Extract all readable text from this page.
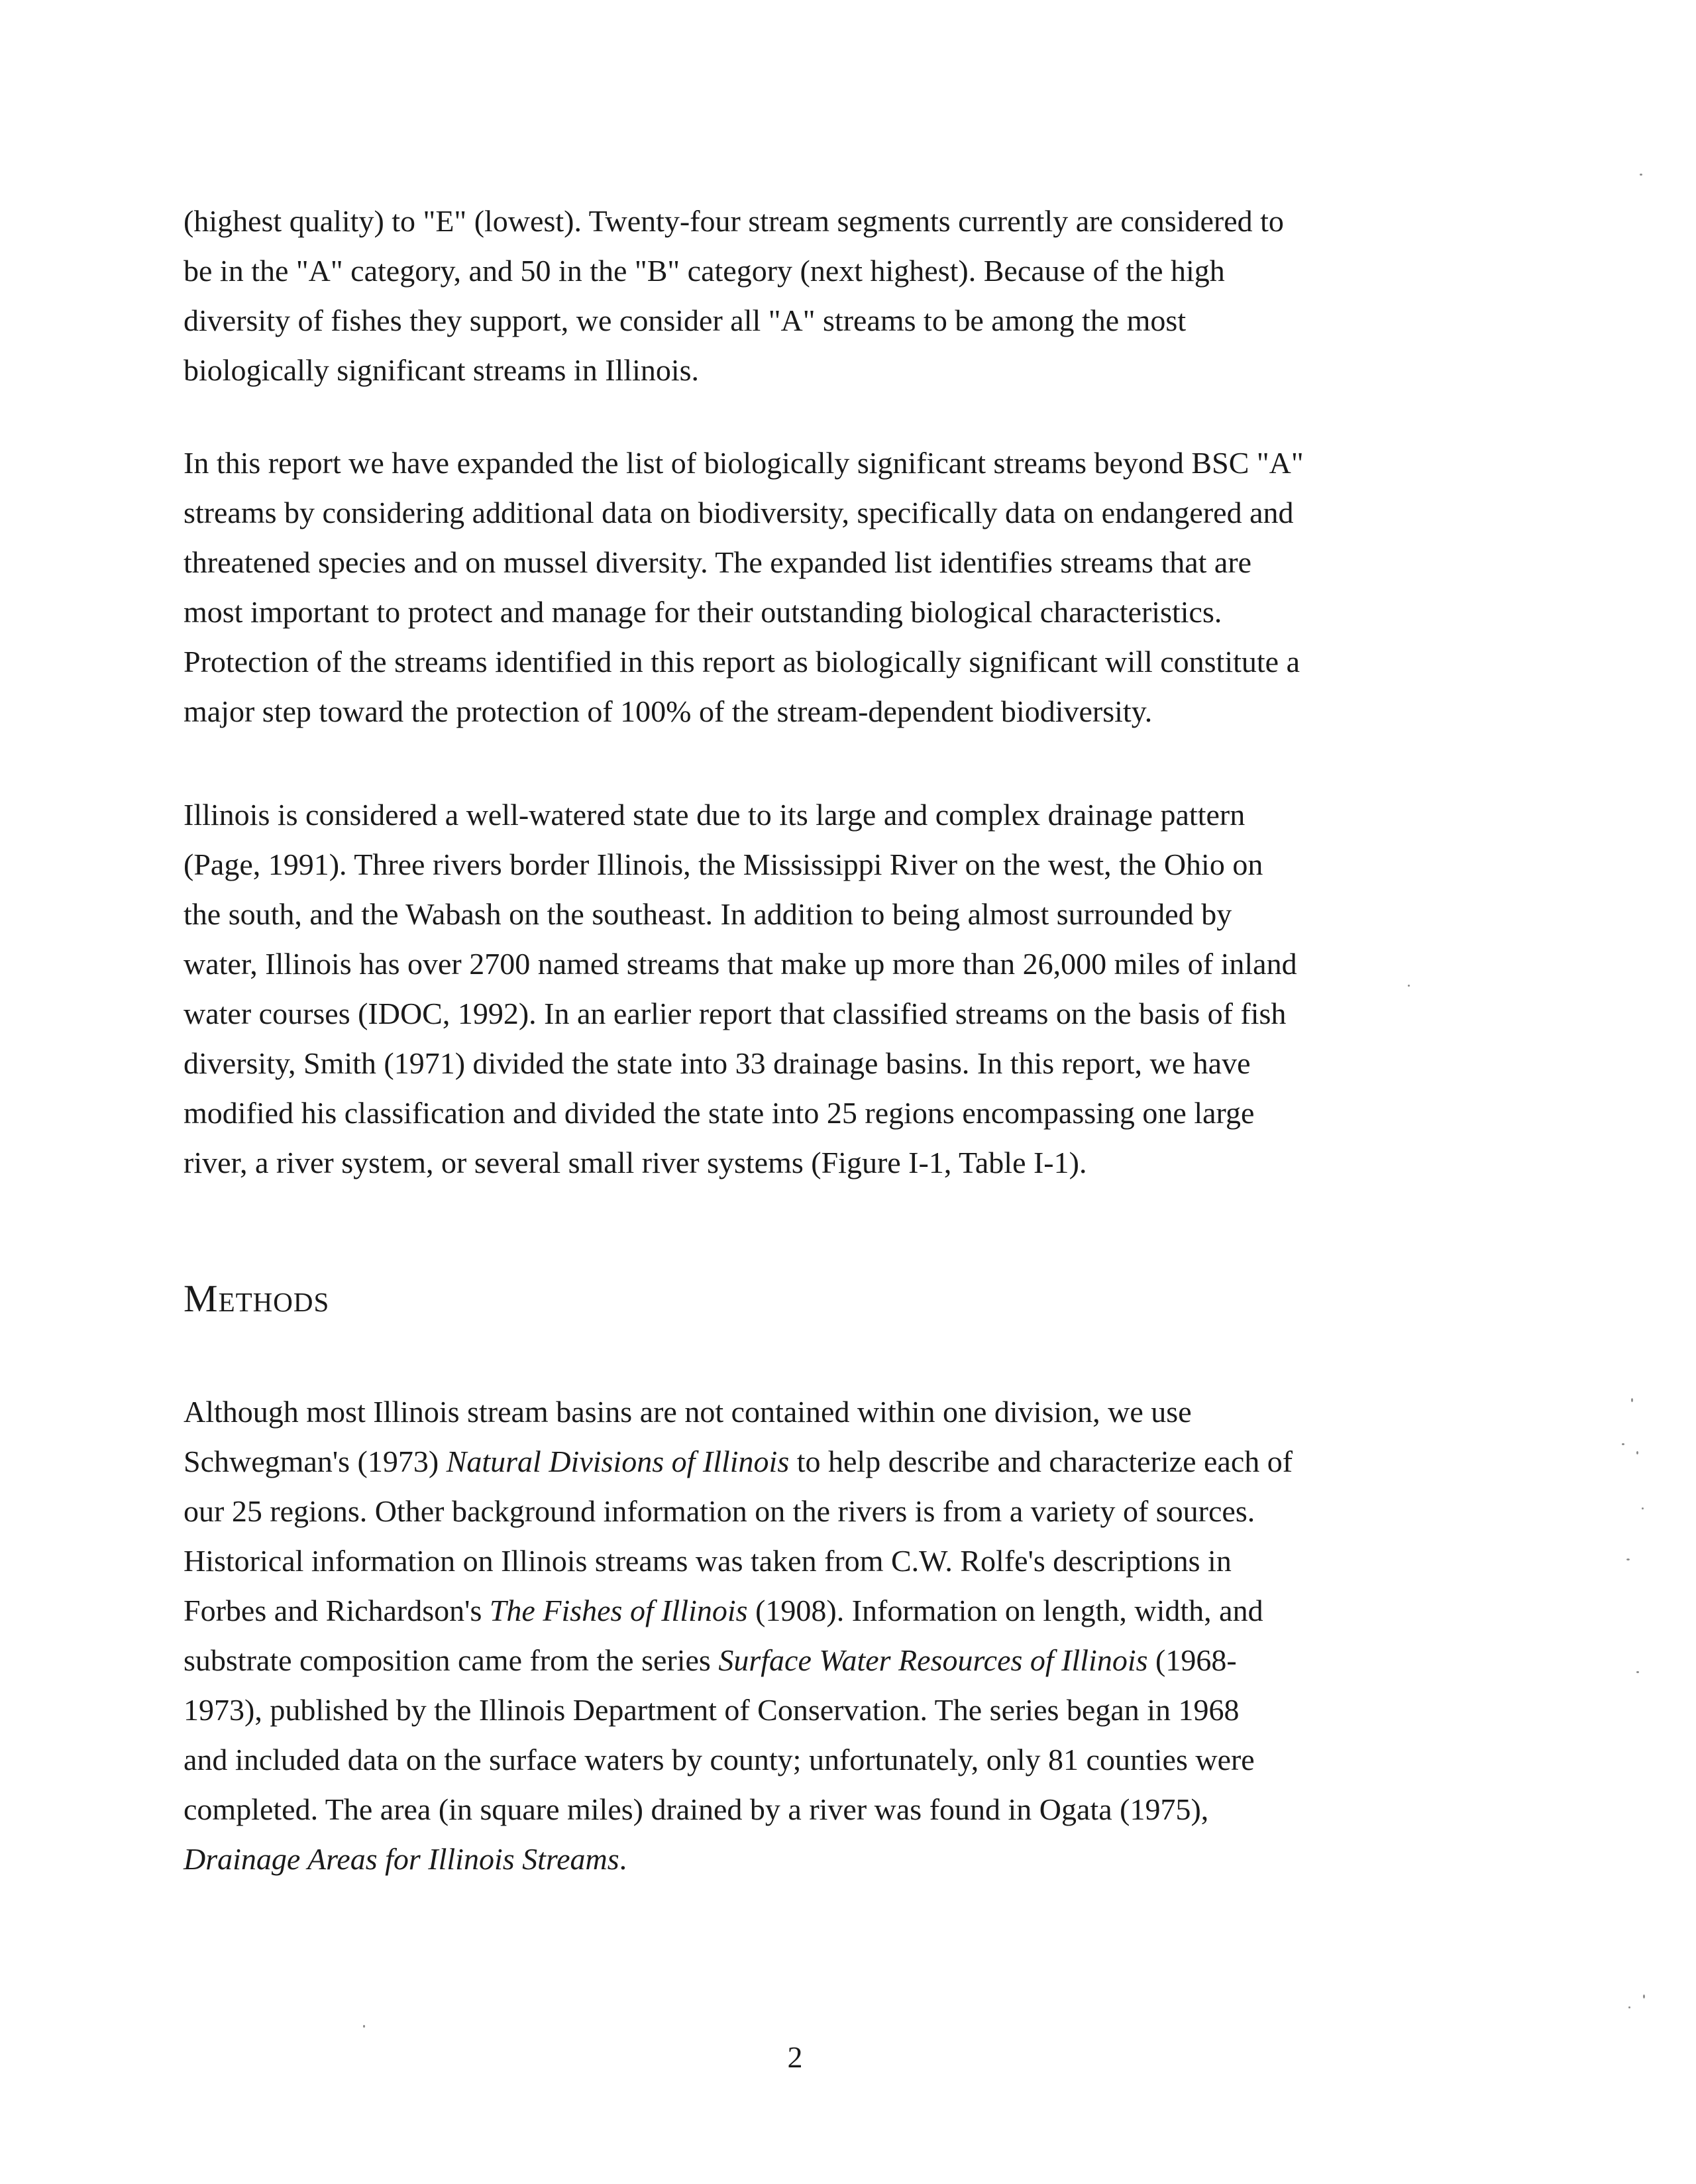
(highest quality) to "E" (lowest). Twenty-four stream segments currently are considered to
be in the "A" category, and 50 in the "B" category (next highest). Because of the high
diversity of fishes they support, we consider all "A" streams to be among the most
biologically significant streams in Illinois.
In this report we have expanded the list of biologically significant streams beyond BSC "A"
streams by considering additional data on biodiversity, specifically data on endangered and
threatened species and on mussel diversity. The expanded list identifies streams that are
most important to protect and manage for their outstanding biological characteristics.
Protection of the streams identified in this report as biologically significant will constitute a
major step toward the protection of 100% of the stream-dependent biodiversity.
Illinois is considered a well-watered state due to its large and complex drainage pattern
(Page, 1991). Three rivers border Illinois, the Mississippi River on the west, the Ohio on
the south, and the Wabash on the southeast. In addition to being almost surrounded by
water, Illinois has over 2700 named streams that make up more than 26,000 miles of inland
water courses (IDOC, 1992). In an earlier report that classified streams on the basis of fish
diversity, Smith (1971) divided the state into 33 drainage basins. In this report, we have
modified his classification and divided the state into 25 regions encompassing one large
river, a river system, or several small river systems (Figure I-1, Table I-1).
Methods
Although most Illinois stream basins are not contained within one division, we use
Schwegman's (1973) Natural Divisions of Illinois to help describe and characterize each of
our 25 regions. Other background information on the rivers is from a variety of sources.
Historical information on Illinois streams was taken from C.W. Rolfe's descriptions in
Forbes and Richardson's The Fishes of Illinois (1908). Information on length, width, and
substrate composition came from the series Surface Water Resources of Illinois (1968-
1973), published by the Illinois Department of Conservation. The series began in 1968
and included data on the surface waters by county; unfortunately, only 81 counties were
completed. The area (in square miles) drained by a river was found in Ogata (1975),
Drainage Areas for Illinois Streams.
2
